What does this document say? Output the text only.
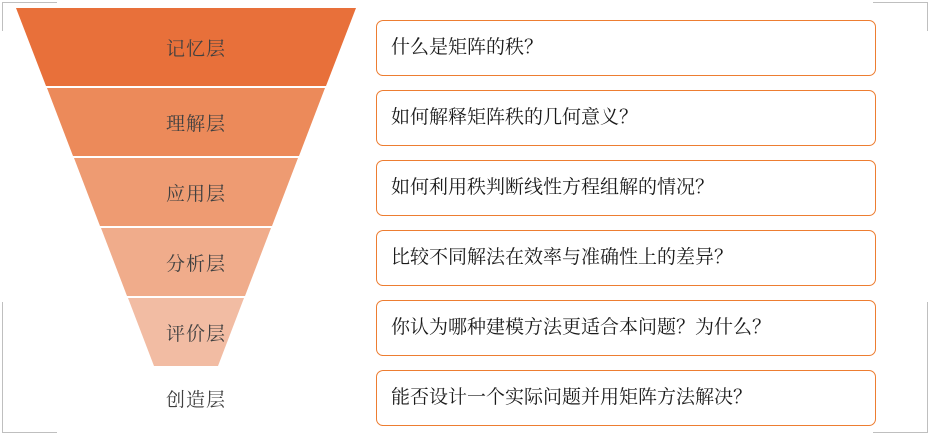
记忆层
理解层
应用层
分析层
评价层
创造层
什么是矩阵的秩？
如何解释矩阵秩的几何意义？
如何利用秩判断线性方程组解的情况？
比较不同解法在效率与准确性上的差异？
你认为哪种建模方法更适合本问题？为什么？
能否设计一个实际问题并用矩阵方法解决？
